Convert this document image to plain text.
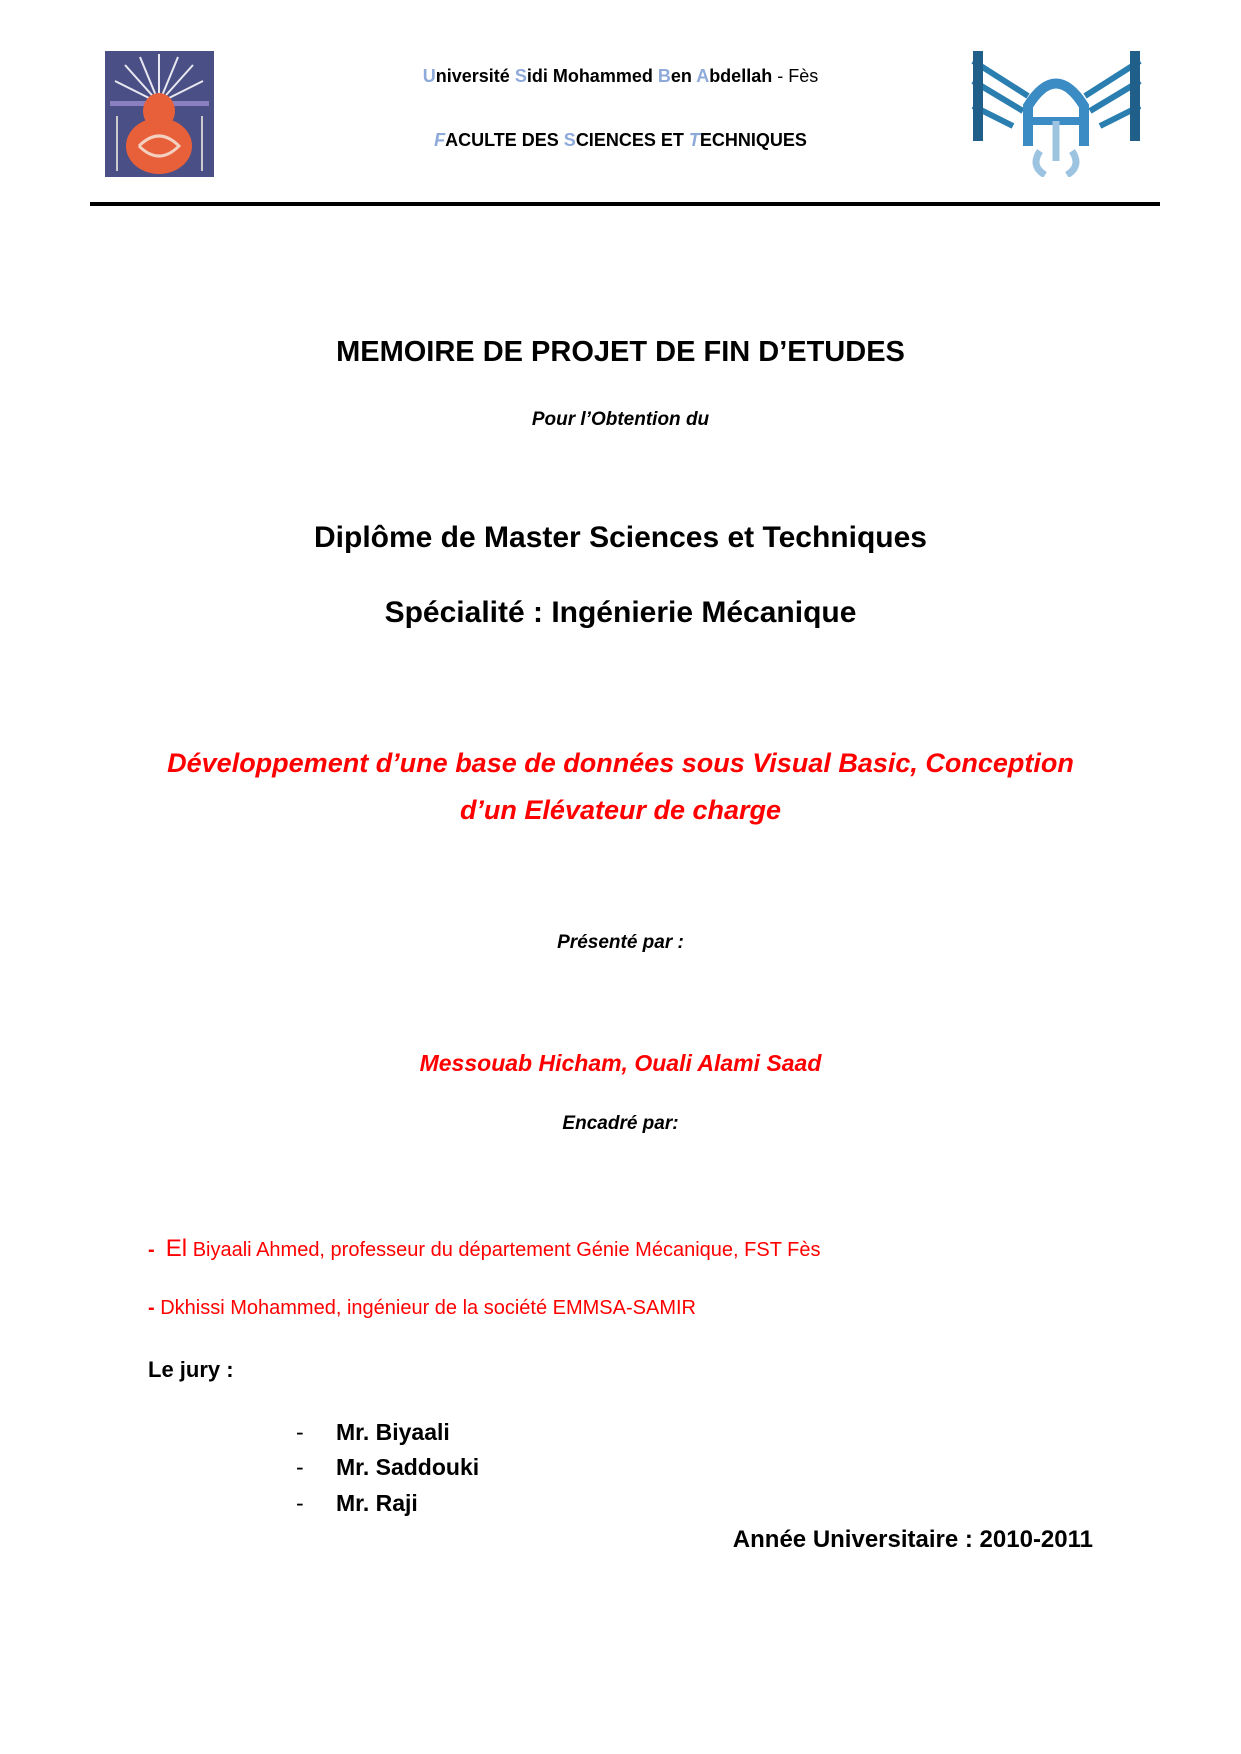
Université Sidi Mohammed Ben Abdellah - Fès
FACULTE DES SCIENCES ET TECHNIQUES
MEMOIRE DE PROJET DE FIN D’ETUDES
Pour l’Obtention du
Diplôme de Master Sciences et Techniques
Spécialité : Ingénierie Mécanique
Développement d’une base de données sous Visual Basic, Conception
d’un Elévateur de charge
Présenté par :
Messouab Hicham, Ouali Alami Saad
Encadré par:
- El Biyaali Ahmed, professeur du département Génie Mécanique, FST Fès
- Dkhissi Mohammed, ingénieur de la société EMMSA-SAMIR
Le jury :
- Mr. Biyaali
- Mr. Saddouki
- Mr. Raji
Année Universitaire : 2010-2011
